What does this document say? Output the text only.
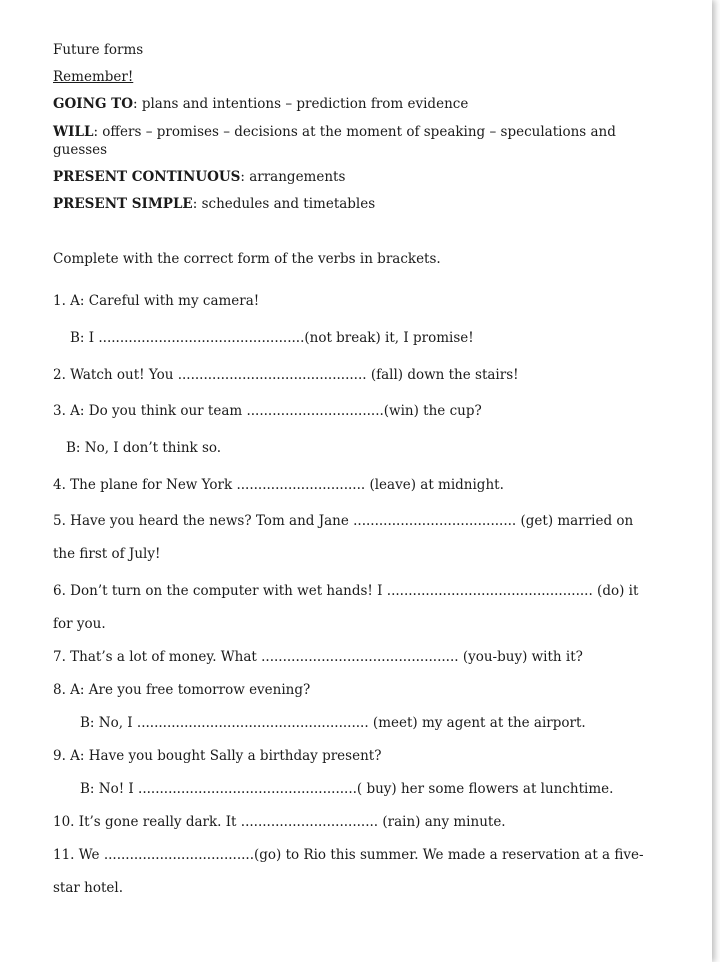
Future forms
Remember!
GOING TO: plans and intentions – prediction from evidence
WILL: offers – promises – decisions at the moment of speaking – speculations and
guesses
PRESENT CONTINUOUS: arrangements
PRESENT SIMPLE: schedules and timetables
Complete with the correct form of the verbs in brackets.
1. A: Careful with my camera!
B: I ................................................(not break) it, I promise!
2. Watch out! You ............................................ (fall) down the stairs!
3. A: Do you think our team ................................(win) the cup?
B: No, I don’t think so.
4. The plane for New York .............................. (leave) at midnight.
5. Have you heard the news? Tom and Jane ...................................... (get) married on
the first of July!
6. Don’t turn on the computer with wet hands! I ................................................ (do) it
for you.
7. That’s a lot of money. What .............................................. (you-buy) with it?
8. A: Are you free tomorrow evening?
B: No, I ...................................................... (meet) my agent at the airport.
9. A: Have you bought Sally a birthday present?
B: No! I ...................................................( buy) her some flowers at lunchtime.
10. It’s gone really dark. It ................................ (rain) any minute.
11. We ...................................(go) to Rio this summer. We made a reservation at a five-
star hotel.
